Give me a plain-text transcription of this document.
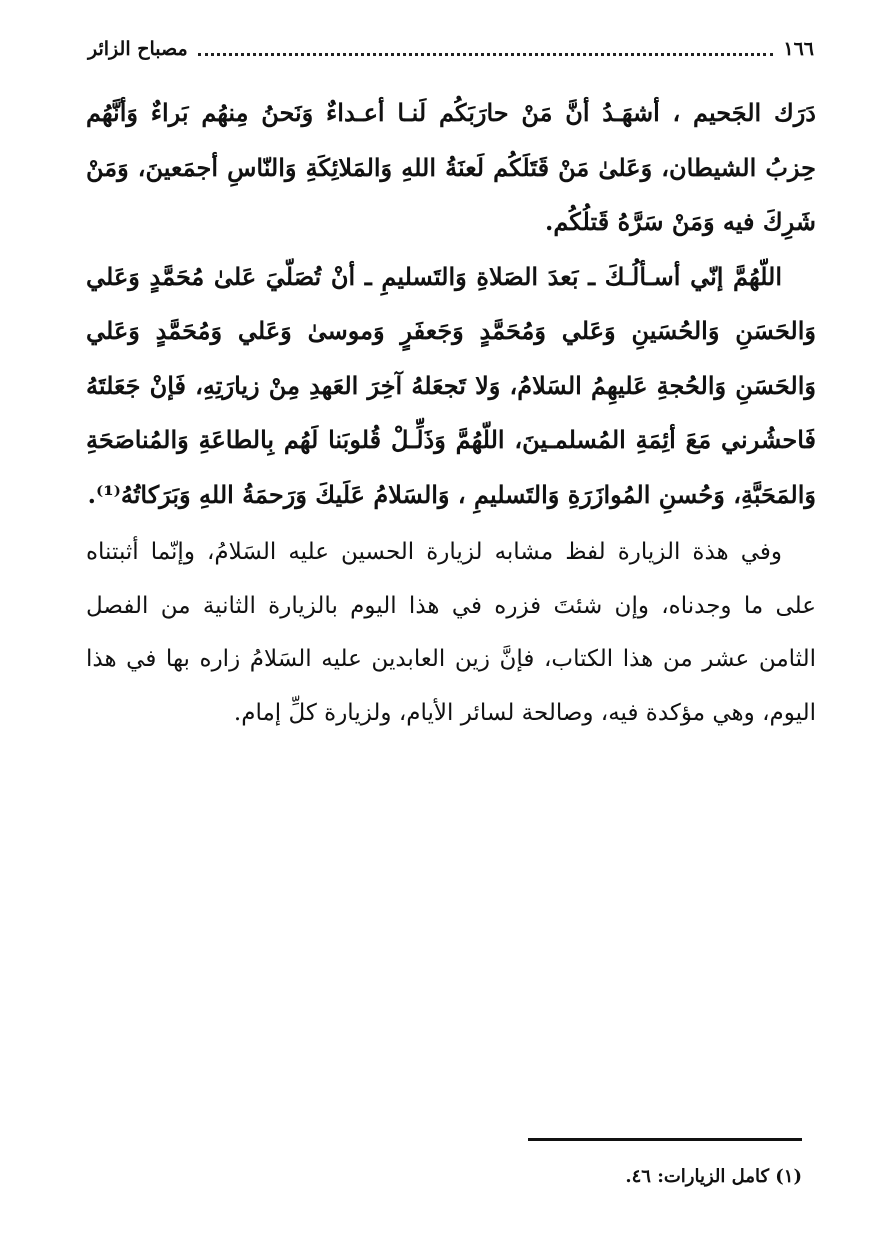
١٦٦
مصباح الزائر

دَرَك الجَحيم ، أشهَـدُ أنَّ مَنْ حارَبَكُم لَنـا أعـداءٌ وَنَحنُ مِنهُم بَراءٌ وَأنَّهُم حِزبُ الشيطان، وَعَلىٰ مَنْ قَتَلَكُم لَعنَةُ اللهِ وَالمَلائِكَةِ وَالنّاسِ أجمَعينَ، وَمَنْ شَرِكَ فيه وَمَنْ سَرَّهُ قَتلُكُم.

اللّهُمَّ إنّي أسـألُـكَ ـ بَعدَ الصَلاةِ وَالتَسليمِ ـ أنْ تُصَلّيَ عَلىٰ مُحَمَّدٍ وَعَلي وَالحَسَنِ وَالحُسَينِ وَعَلي وَمُحَمَّدٍ وَجَعفَرٍ وَموسىٰ وَعَلي وَمُحَمَّدٍ وَعَلي وَالحَسَنِ وَالحُجةِ عَليهِمُ السَلامُ، وَلا تَجعَلهُ آخِرَ العَهدِ مِنْ زيارَتِهِ، فَإنْ جَعَلتَهُ فَاحشُرني مَعَ أئِمَةِ المُسلمـينَ، اللّهُمَّ وَذَلِّـلْ قُلوبَنا لَهُم بِالطاعَةِ وَالمُناصَحَةِ وَالمَحَبَّةِ، وَحُسنِ المُوازَرَةِ وَالتَسليمِ ، وَالسَلامُ عَلَيكَ وَرَحمَةُ اللهِ وَبَرَكاتُهُ⁽¹⁾.

وفي هذة الزيارة لفظ مشابه لزيارة الحسين عليه السَلامُ، وإنّما أثبتناه على ما وجدناه، وإن شئتَ فزره في هذا اليوم بالزيارة الثانية من الفصل الثامن عشر من هذا الكتاب، فإنَّ زين العابدين عليه السَلامُ زاره بها في هذا اليوم، وهي مؤكدة فيه، وصالحة لسائر الأيام، ولزيارة كلِّ إمام.

(١) كامل الزيارات: ٤٦.
